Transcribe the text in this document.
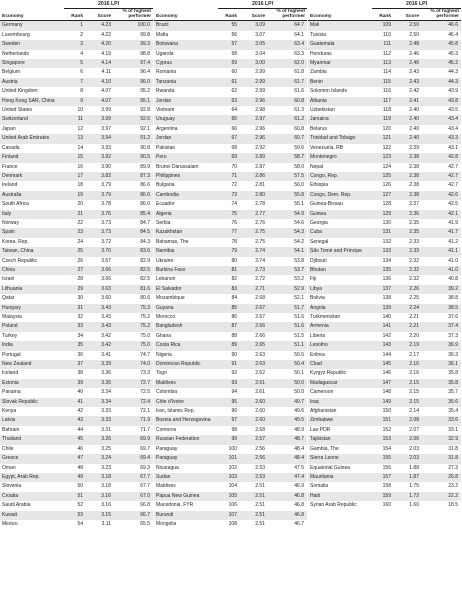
	2016 LPI		
Economy	Rank	Score	% of highest performer
Germany	1	4.23	100.0
Luxembourg	2	4.22	99.8
Sweden	3	4.20	99.3
Netherlands	4	4.19	98.8
Singapore	5	4.14	97.4
Belgium	6	4.11	96.4
Austria	7	4.10	96.0
United Kingdom	8	4.07	95.2
Hong Kong SAR, China	9	4.07	95.1
United States	10	3.99	92.8
Switzerland	11	3.99	92.6
Japan	12	3.97	92.1
United Arab Emirates	13	3.94	91.2
Canada	14	3.93	90.8
Finland	15	3.92	90.5
France	16	3.90	89.9
Denmark	17	3.82	87.3
Ireland	18	3.79	86.6
Australia	19	3.79	86.6
South Africa	20	3.78	86.0
Italy	21	3.76	85.4
Norway	22	3.73	84.7
Spain	23	3.73	84.5
Korea, Rep.	24	3.72	84.3
Taiwan, China	25	3.70	83.6
Czech Republic	26	3.67	82.9
China	27	3.66	82.5
Israel	28	3.66	82.5
Lithuania	29	3.63	81.6
Qatar	30	3.60	80.6
Hungary	31	3.43	75.3
Malaysia	32	3.43	75.2
Poland	33	3.43	75.2
Turkey	34	3.42	75.0
India	35	3.42	75.0
Portugal	36	3.41	74.7
New Zealand	37	3.39	74.0
Iceland	38	3.36	73.3
Estonia	39	3.36	72.7
Panama	40	3.34	72.5
Slovak Republic	41	3.34	72.4
Kenya	42	3.33	72.1
Latvia	43	3.33	71.9
Bahrain	44	3.31	71.7
Thailand	45	3.26	69.9
Chile	46	3.25	69.7
Greece	47	3.24	69.4
Oman	48	3.23	69.3
Egypt, Arab Rep.	49	3.18	67.7
Slovenia	50	3.18	67.7
Croatia	51	3.16	67.0
Saudi Arabia	52	3.16	66.8
Kuwait	53	3.15	66.7
Mexico	54	3.11	65.5
	2016 LPI		
Economy	Rank	Score	% of highest performer
Brazil	55	3.09	64.7
Malta	56	3.07	64.1
Botswana	57	3.05	63.4
Uganda	58	3.04	63.3
Cyprus	59	3.00	62.0
Romania	60	2.99	61.8
Tanzania	61	2.99	61.7
Rwanda	62	2.99	61.6
Jordan	63	2.96	60.8
Vietnam	64	2.98	61.3
Uruguay	65	2.97	61.2
Argentina	66	2.96	60.8
Jordan	67	2.96	60.7
Pakistan	68	2.92	59.6
Peru	69	2.89	58.7
Brunei Darussalam	70	2.87	58.0
Philippines	71	2.86	57.5
Bulgaria	72	2.81	56.0
Cambodia	73	2.80	55.8
Ecuador	74	2.78	55.1
Algeria	75	2.77	54.9
Serbia	76	2.76	54.6
Kazakhstan	77	2.75	54.3
Bahamas, The	78	2.75	54.2
Namibia	79	2.74	54.1
Ukraine	80	2.74	53.8
Burkina Faso	81	2.73	53.7
Lebanon	82	2.72	53.2
El Salvador	83	2.71	52.9
Mozambique	84	2.68	52.1
Guyana	85	2.67	51.7
Morocco	86	2.67	51.6
Bangladesh	87	2.66	51.6
Ghana	88	2.66	51.5
Costa Rica	89	2.65	51.1
Nigeria	90	2.63	50.5
Dominican Republic	91	2.63	50.4
Togo	92	2.62	50.1
Maldives	93	2.61	50.0
Colombia	94	2.61	50.0
Côte d'Ivoire	95	2.60	49.7
Iran, Islamic Rep.	96	2.60	49.6
Bosnia and Herzegovina	97	2.60	49.5
Comoros	98	2.58	48.9
Russian Federation	99	2.57	48.7
Paraguay	100	2.56	48.4
Paraguay	101	2.56	48.4
Nicaragua	102	2.53	47.5
Sudan	103	2.53	47.4
Maldives	104	2.51	46.9
Papua New Guinea	105	2.51	46.8
Macedonia, FYR	106	2.51	46.8
Burundi	107	2.51	46.8
Mongolia	108	2.51	46.7
	2016 LPI		
Economy	Rank	Score	% of highest performer
Mali	109	2.50	46.6
Tunisia	110	2.50	46.4
Guatemala	111	2.48	45.8
Honduras	112	2.46	45.3
Myanmar	113	2.46	45.2
Zambia	114	2.43	44.3
Benin	115	2.43	44.3
Solomon Islands	116	2.42	43.9
Albania	117	2.41	43.8
Uzbekistan	118	2.40	43.5
Jamaica	119	2.40	43.4
Belarus	120	2.40	43.4
Trinidad and Tobago	121	2.40	43.3
Venezuela, RB	122	2.39	43.1
Montenegro	123	2.38	42.8
Nepal	124	2.38	42.7
Congo, Rep.	125	2.38	42.7
Ethiopia	126	2.38	42.7
Congo, Dem. Rep.	127	2.38	42.6
Guinea-Bissau	128	2.37	42.5
Guinea	129	2.36	42.1
Georgia	130	2.35	41.9
Cuba	131	2.35	41.7
Senegal	132	2.33	41.2
São Tomé and Príncipe	133	2.33	41.1
Djibouti	134	2.32	41.0
Bhutan	135	2.32	41.0
Fiji	136	2.32	40.8
Libya	137	2.26	39.2
Bolivia	138	2.25	38.8
Angola	139	2.24	38.5
Turkmenistan	140	2.21	37.6
Armenia	141	2.21	37.4
Liberia	142	2.20	37.3
Lesotho	143	2.19	36.9
Eritrea	144	2.17	36.3
Chad	145	2.16	36.1
Kyrgyz Republic	146	2.16	35.8
Madagascar	147	2.15	35.8
Cameroon	148	2.15	35.7
Iraq	149	2.15	35.6
Afghanistan	150	2.14	35.4
Zimbabwe	151	2.08	33.6
Lao PDR	152	2.07	33.1
Tajikistan	153	2.06	32.9
Gambia, The	154	2.03	31.8
Sierra Leone	155	2.03	31.8
Equatorial Guinea	156	1.88	27.3
Mauritania	157	1.87	26.8
Somalia	158	1.75	23.2
Haiti	159	1.72	22.2
Syrian Arab Republic	160	1.60	18.5
